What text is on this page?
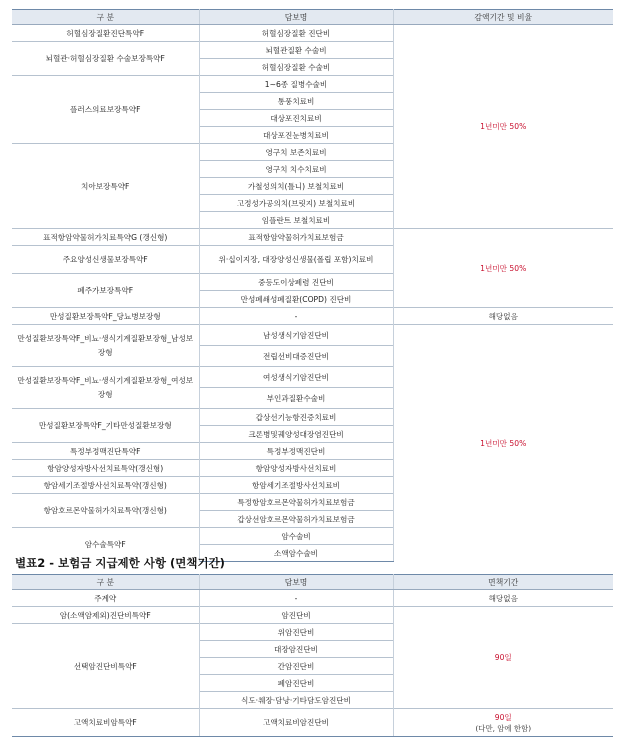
구 분	담보명	감액기간 및 비율
허혈심장질환진단특약F	허혈심장질환 진단비	1년미만 50%
뇌혈관·허혈심장질환 수술보장특약F	뇌혈관질환 수술비	
	허혈심장질환 수술비	
플러스의료보장특약F	1~6종 질병수술비	
	통풍치료비	
	대상포진치료비	
	대상포진눈병치료비	
치아보장특약F	영구치 보존치료비	
	영구치 치수치료비	
	가철성의치(틀니) 보철치료비	
	고정성가공의치(브릿지) 보철치료비	
	임플란트 보철치료비	
표적항암약물허가치료특약G (갱신형)	표적항암약물허가치료보험금	1년미만 50%
주요양성신생물보장특약F	위·십이지장, 대장양성신생물(폴립 포함)치료비	
폐주가보장특약F	중등도이상폐렴 진단비	
	만성폐쇄성폐질환(COPD) 진단비	
만성질환보장특약F_당뇨병보장형	-	해당없음
만성질환보장특약F_비뇨·생식기계질환보장형_남성보장형	남성생식기암진단비	1년미만 50%
	전립선비대증진단비	
만성질환보장특약F_비뇨·생식기계질환보장형_여성보장형	여성생식기암진단비	
	부인과질환수술비	
만성질환보장특약F_기타만성질환보장형	갑상선기능항진증치료비	
	크론병및궤양성대장염진단비	
특정부정맥진단특약F	특정부정맥진단비	
항암양성자방사선치료특약(갱신형)	항암양성자방사선치료비	
항암세기조절방사선치료특약(갱신형)	항암세기조절방사선치료비	
항암호르몬약물허가치료특약(갱신형)	특정항암호르몬약물허가치료보험금	
	갑상선암호르몬약물허가치료보험금	
암수술특약F	암수술비	
	소액암수술비	
별표2 - 보험금 지급제한 사항 (면책기간)
구 분	담보명	면책기간
주계약	-	해당없음
암(소액암제외)진단비특약F	암진단비	90일
선택암진단비특약F	위암진단비	
	대장암진단비	
	간암진단비	
	폐암진단비	
	식도·췌장·담낭·기타담도암진단비	
고액치료비암특약F	고액치료비암진단비	90일
(다만, 암에 한함)
